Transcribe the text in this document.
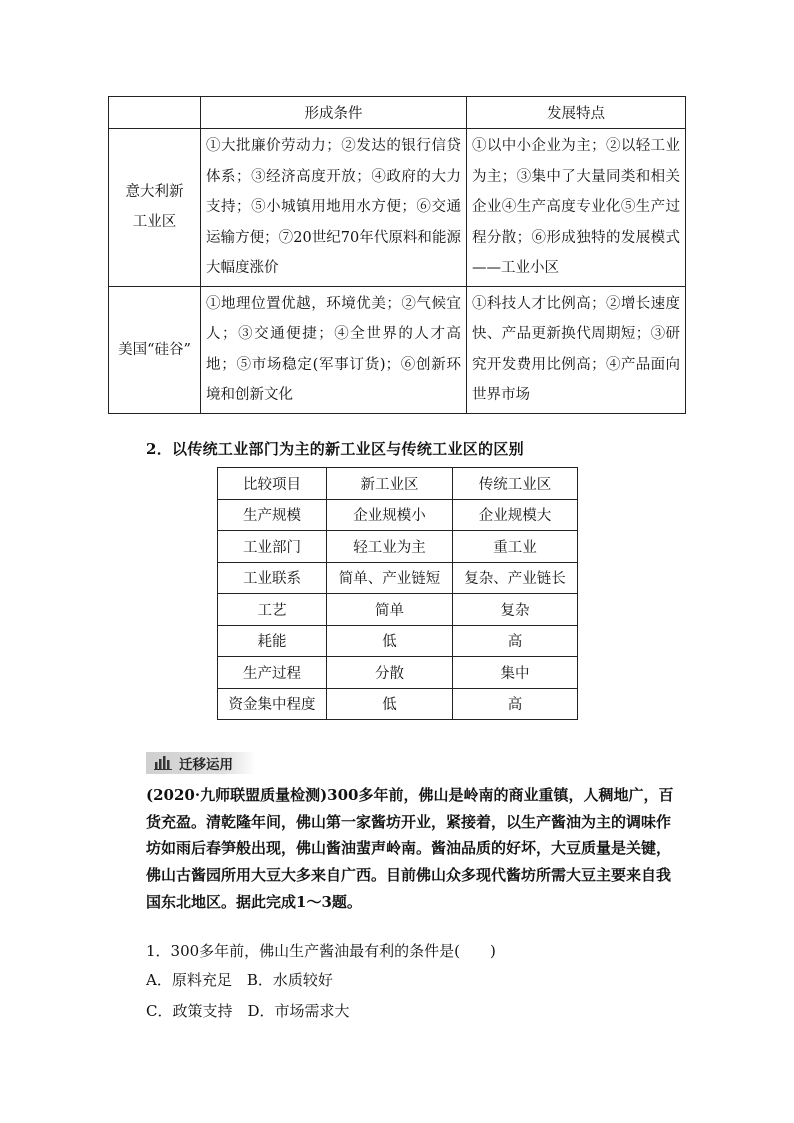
	形成条件	发展特点

意大利新工业区	①大批廉价劳动力；②发达的银行信贷体系；③经济高度开放；④政府的大力支持；⑤小城镇用地用水方便；⑥交通运输方便；⑦20世纪70年代原料和能源大幅度涨价	①以中小企业为主；②以轻工业为主；③集中了大量同类和相关企业④生产高度专业化⑤生产过程分散；⑥形成独特的发展模式——工业小区

美国“硅谷”	①地理位置优越，环境优美；②气候宜人；③交通便捷；④全世界的人才高地；⑤市场稳定(军事订货)；⑥创新环境和创新文化	①科技人才比例高；②增长速度快、产品更新换代周期短；③研究开发费用比例高；④产品面向世界市场
2．以传统工业部门为主的新工业区与传统工业区的区别
比较项目	新工业区	传统工业区
生产规模	企业规模小	企业规模大
工业部门	轻工业为主	重工业
工业联系	简单、产业链短	复杂、产业链长
工艺	简单	复杂
耗能	低	高
生产过程	分散	集中
资金集中程度	低	高
迁移运用
(2020·九师联盟质量检测)300多年前，佛山是岭南的商业重镇，人稠地广，百货充盈。清乾隆年间，佛山第一家酱坊开业，紧接着，以生产酱油为主的调味作坊如雨后春笋般出现，佛山酱油蜚声岭南。酱油品质的好坏，大豆质量是关键，佛山古酱园所用大豆大多来自广西。目前佛山众多现代酱坊所需大豆主要来自我国东北地区。据此完成1～3题。
1．300多年前，佛山生产酱油最有利的条件是(　　)
A．原料充足　B．水质较好
C．政策支持　D．市场需求大
